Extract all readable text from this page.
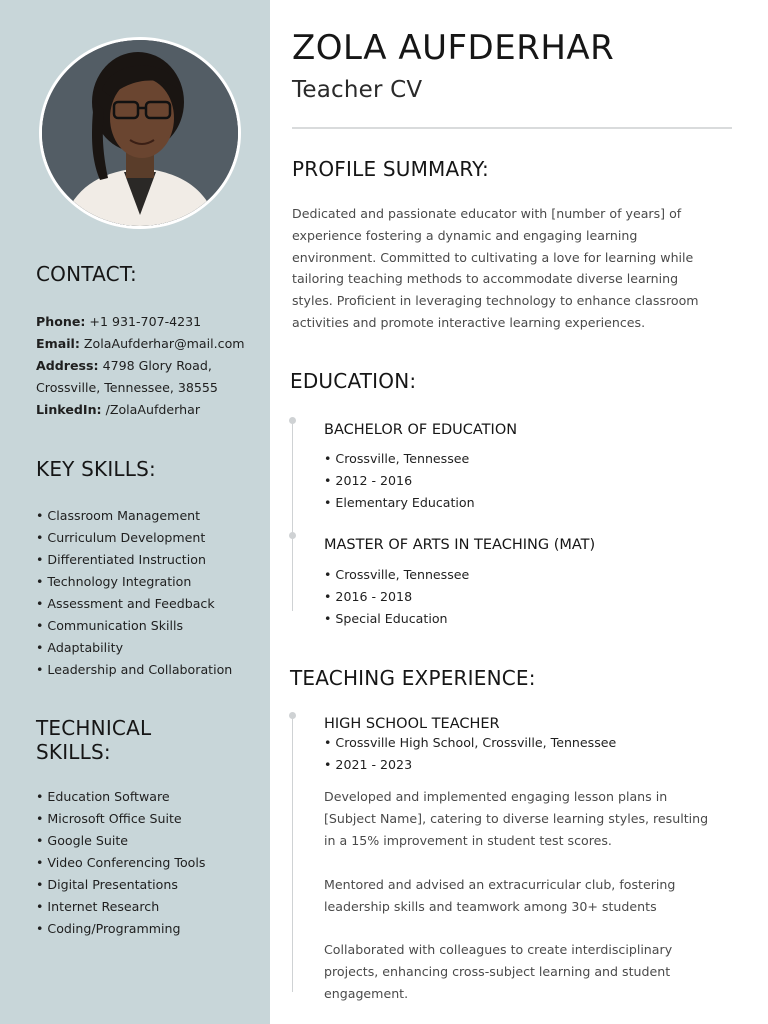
CONTACT:
Phone: +1 931-707-4231
Email: ZolaAufderhar@mail.com
Address: 4798 Glory Road,
Crossville, Tennessee, 38555
LinkedIn: /ZolaAufderhar
KEY SKILLS:
• Classroom Management
• Curriculum Development
• Differentiated Instruction
• Technology Integration
• Assessment and Feedback
• Communication Skills
• Adaptability
• Leadership and Collaboration
TECHNICAL
SKILLS:
• Education Software
• Microsoft Office Suite
• Google Suite
• Video Conferencing Tools
• Digital Presentations
• Internet Research
• Coding/Programming
ZOLA AUFDERHAR
Teacher CV
PROFILE SUMMARY:
Dedicated and passionate educator with [number of years] of
experience fostering a dynamic and engaging learning
environment. Committed to cultivating a love for learning while
tailoring teaching methods to accommodate diverse learning
styles. Proficient in leveraging technology to enhance classroom
activities and promote interactive learning experiences.
EDUCATION:
BACHELOR OF EDUCATION
• Crossville, Tennessee
• 2012 - 2016
• Elementary Education
MASTER OF ARTS IN TEACHING (MAT)
• Crossville, Tennessee
• 2016 - 2018
• Special Education
TEACHING EXPERIENCE:
HIGH SCHOOL TEACHER
• Crossville High School, Crossville, Tennessee
• 2021 - 2023
Developed and implemented engaging lesson plans in
[Subject Name], catering to diverse learning styles, resulting
in a 15% improvement in student test scores.
Mentored and advised an extracurricular club, fostering
leadership skills and teamwork among 30+ students
Collaborated with colleagues to create interdisciplinary
projects, enhancing cross-subject learning and student
engagement.
